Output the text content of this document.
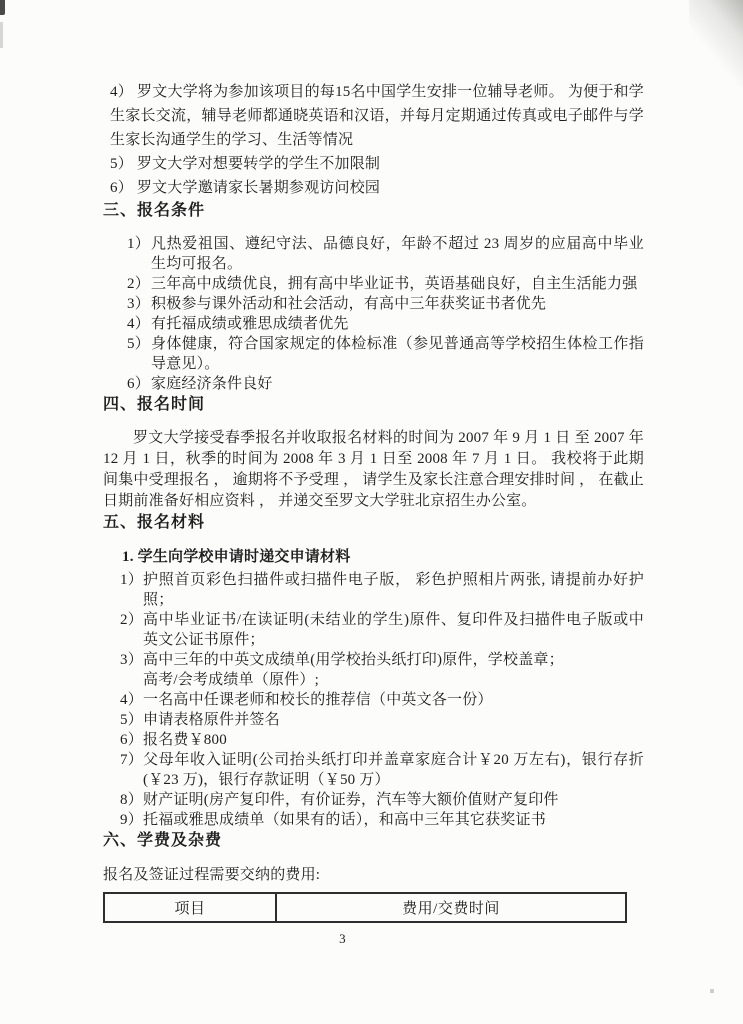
4） 罗文大学将为参加该项目的每15名中国学生安排一位辅导老师。 为便于和学生家长交流，辅导老师都通晓英语和汉语，并每月定期通过传真或电子邮件与学生家长沟通学生的学习、生活等情况
5） 罗文大学对想要转学的学生不加限制
6） 罗文大学邀请家长暑期参观访问校园
三、报名条件
1） 凡热爱祖国、遵纪守法、品德良好，年龄不超过 23 周岁的应届高中毕业生均可报名。
2） 三年高中成绩优良，拥有高中毕业证书，英语基础良好，自主生活能力强
3） 积极参与课外活动和社会活动，有高中三年获奖证书者优先
4） 有托福成绩或雅思成绩者优先
5） 身体健康，符合国家规定的体检标准（参见普通高等学校招生体检工作指导意见）。
6） 家庭经济条件良好
四、报名时间

罗文大学接受春季报名并收取报名材料的时间为 2007 年 9 月 1 日 至 2007 年 12 月 1 日，秋季的时间为 2008 年 3 月 1 日至 2008 年 7 月 1 日。 我校将于此期间集中受理报名 ， 逾期将不予受理 ， 请学生及家长注意合理安排时间 ， 在截止日期前准备好相应资料 ， 并递交至罗文大学驻北京招生办公室。

五、报名材料
1. 学生向学校申请时递交申请材料
1） 护照首页彩色扫描件或扫描件电子版， 彩色护照相片两张, 请提前办好护照；
2） 高中毕业证书/在读证明(未结业的学生)原件、复印件及扫描件电子版或中英文公证书原件；
3） 高中三年的中英文成绩单(用学校抬头纸打印)原件，学校盖章；
高考/会考成绩单（原件）;
4） 一名高中任课老师和校长的推荐信（中英文各一份）
5） 申请表格原件并签名
6） 报名费￥800
7） 父母年收入证明(公司抬头纸打印并盖章家庭合计￥20 万左右)，银行存折(￥23 万)，银行存款证明（￥50 万）
8） 财产证明(房产复印件，有价证券，汽车等大额价值财产复印件
9） 托福或雅思成绩单（如果有的话），和高中三年其它获奖证书
六、学费及杂费

报名及签证过程需要交纳的费用:

项目	费用/交费时间
3
